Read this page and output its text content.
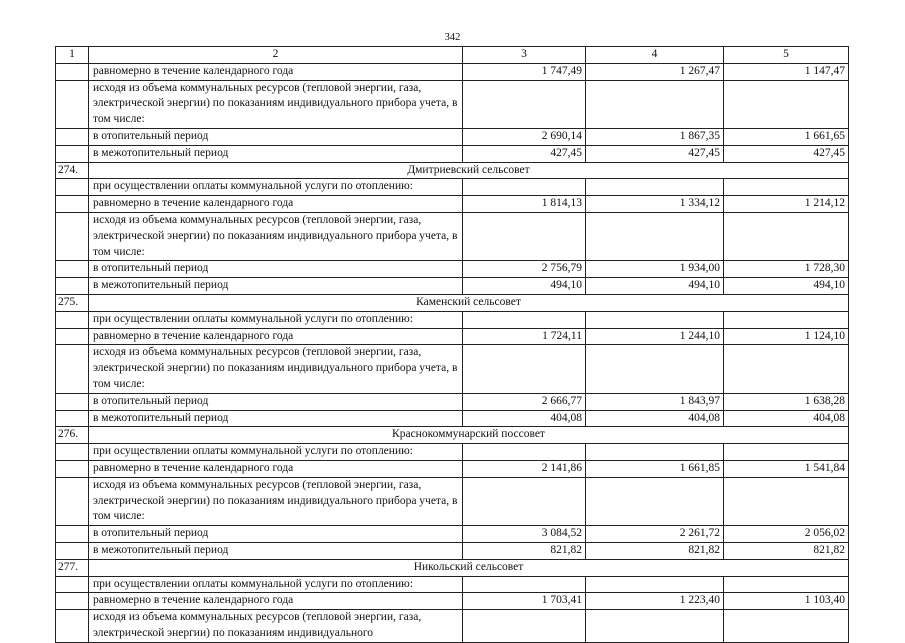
342
1	2	3	4	5
	равномерно в течение календарного года	1 747,49	1 267,47	1 147,47
	исходя из объема коммунальных ресурсов (тепловой энергии, газа, электрической энергии) по показаниям индивидуального прибора учета, в том числе:			
	в отопительный период	2 690,14	1 867,35	1 661,65
	в межотопительный период	427,45	427,45	427,45
274.	Дмитриевский сельсовет			
	при осуществлении оплаты коммунальной услуги по отоплению:			
	равномерно в течение календарного года	1 814,13	1 334,12	1 214,12
	исходя из объема коммунальных ресурсов (тепловой энергии, газа, электрической энергии) по показаниям индивидуального прибора учета, в том числе:			
	в отопительный период	2 756,79	1 934,00	1 728,30
	в межотопительный период	494,10	494,10	494,10
275.	Каменский сельсовет			
	при осуществлении оплаты коммунальной услуги по отоплению:			
	равномерно в течение календарного года	1 724,11	1 244,10	1 124,10
	исходя из объема коммунальных ресурсов (тепловой энергии, газа, электрической энергии) по показаниям индивидуального прибора учета, в том числе:			
	в отопительный период	2 666,77	1 843,97	1 638,28
	в межотопительный период	404,08	404,08	404,08
276.	Краснокоммунарский поссовет			
	при осуществлении оплаты коммунальной услуги по отоплению:			
	равномерно в течение календарного года	2 141,86	1 661,85	1 541,84
	исходя из объема коммунальных ресурсов (тепловой энергии, газа, электрической энергии) по показаниям индивидуального прибора учета, в том числе:			
	в отопительный период	3 084,52	2 261,72	2 056,02
	в межотопительный период	821,82	821,82	821,82
277.	Никольский сельсовет			
	при осуществлении оплаты коммунальной услуги по отоплению:			
	равномерно в течение календарного года	1 703,41	1 223,40	1 103,40
	исходя из объема коммунальных ресурсов (тепловой энергии, газа, электрической энергии) по показаниям индивидуального			
